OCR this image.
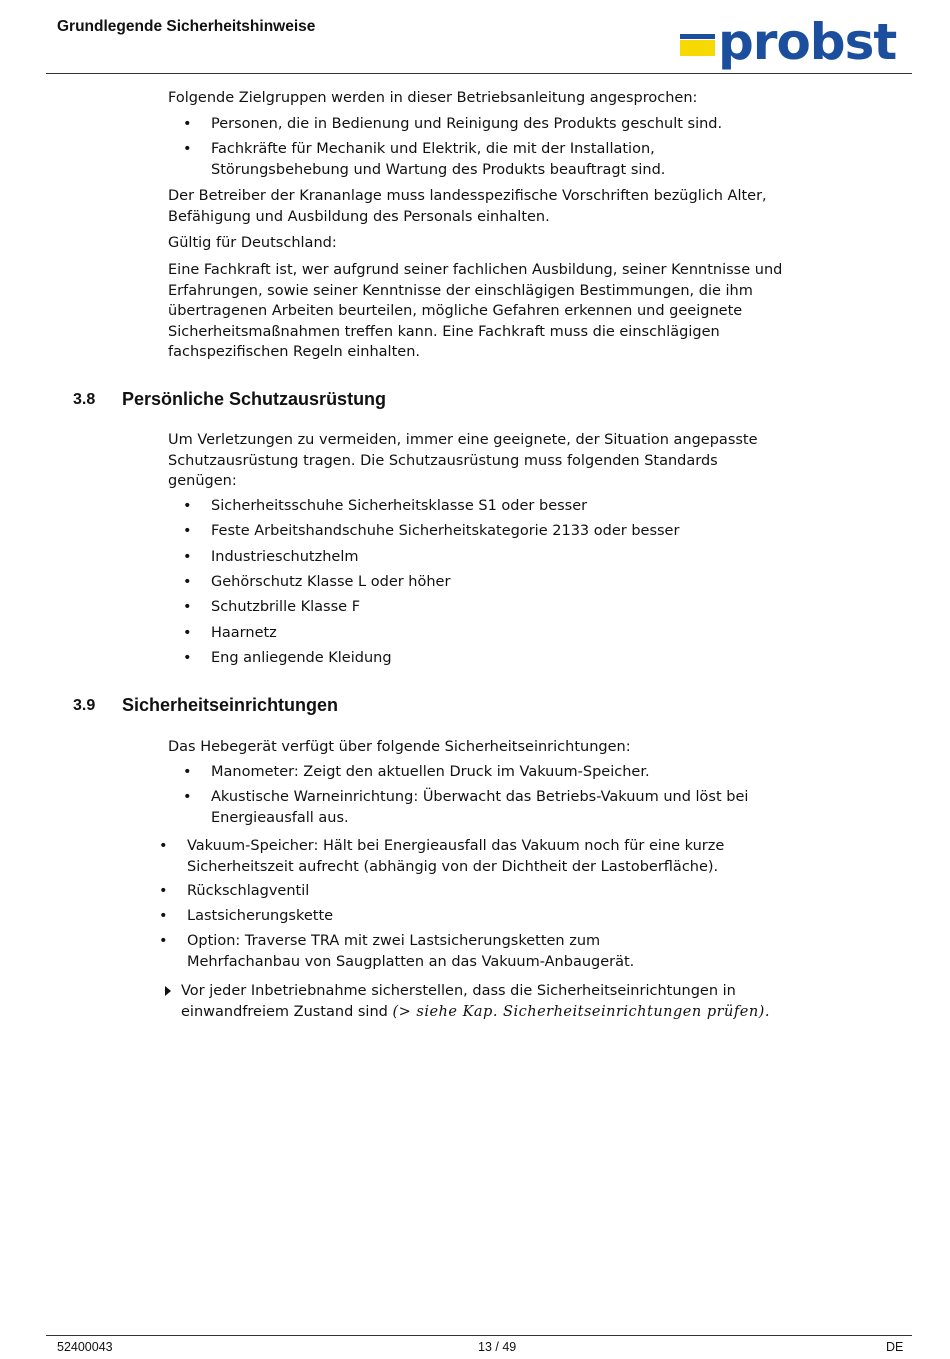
Grundlegende Sicherheitshinweise	probst

Folgende Zielgruppen werden in dieser Betriebsanleitung angesprochen:

• Personen, die in Bedienung und Reinigung des Produkts geschult sind.
• Fachkräfte für Mechanik und Elektrik, die mit der Installation, Störungsbehebung und Wartung des Produkts beauftragt sind.

Der Betreiber der Krananlage muss landesspezifische Vorschriften bezüglich Alter, Befähigung und Ausbildung des Personals einhalten.

Gültig für Deutschland:

Eine Fachkraft ist, wer aufgrund seiner fachlichen Ausbildung, seiner Kenntnisse und Erfahrungen, sowie seiner Kenntnisse der einschlägigen Bestimmungen, die ihm übertragenen Arbeiten beurteilen, mögliche Gefahren erkennen und geeignete Sicherheitsmaßnahmen treffen kann. Eine Fachkraft muss die einschlägigen fachspezifischen Regeln einhalten.

3.8 Persönliche Schutzausrüstung

Um Verletzungen zu vermeiden, immer eine geeignete, der Situation angepasste Schutzausrüstung tragen. Die Schutzausrüstung muss folgenden Standards genügen:

• Sicherheitsschuhe Sicherheitsklasse S1 oder besser
• Feste Arbeitshandschuhe Sicherheitskategorie 2133 oder besser
• Industrieschutzhelm
• Gehörschutz Klasse L oder höher
• Schutzbrille Klasse F
• Haarnetz
• Eng anliegende Kleidung
3.9 Sicherheitseinrichtungen

Das Hebegerät verfügt über folgende Sicherheitseinrichtungen:

• Manometer: Zeigt den aktuellen Druck im Vakuum-Speicher.
• Akustische Warneinrichtung: Überwacht das Betriebs-Vakuum und löst bei Energieausfall aus.
• Vakuum-Speicher: Hält bei Energieausfall das Vakuum noch für eine kurze Sicherheitszeit aufrecht (abhängig von der Dichtheit der Lastoberfläche).
• Rückschlagventil
• Lastsicherungskette
• Option: Traverse TRA mit zwei Lastsicherungsketten zum Mehrfachanbau von Saugplatten an das Vakuum-Anbaugerät.
Vor jeder Inbetriebnahme sicherstellen, dass die Sicherheitseinrichtungen in einwandfreiem Zustand sind (> siehe Kap. Sicherheitseinrichtungen prüfen).
52400043	13 / 49	DE
